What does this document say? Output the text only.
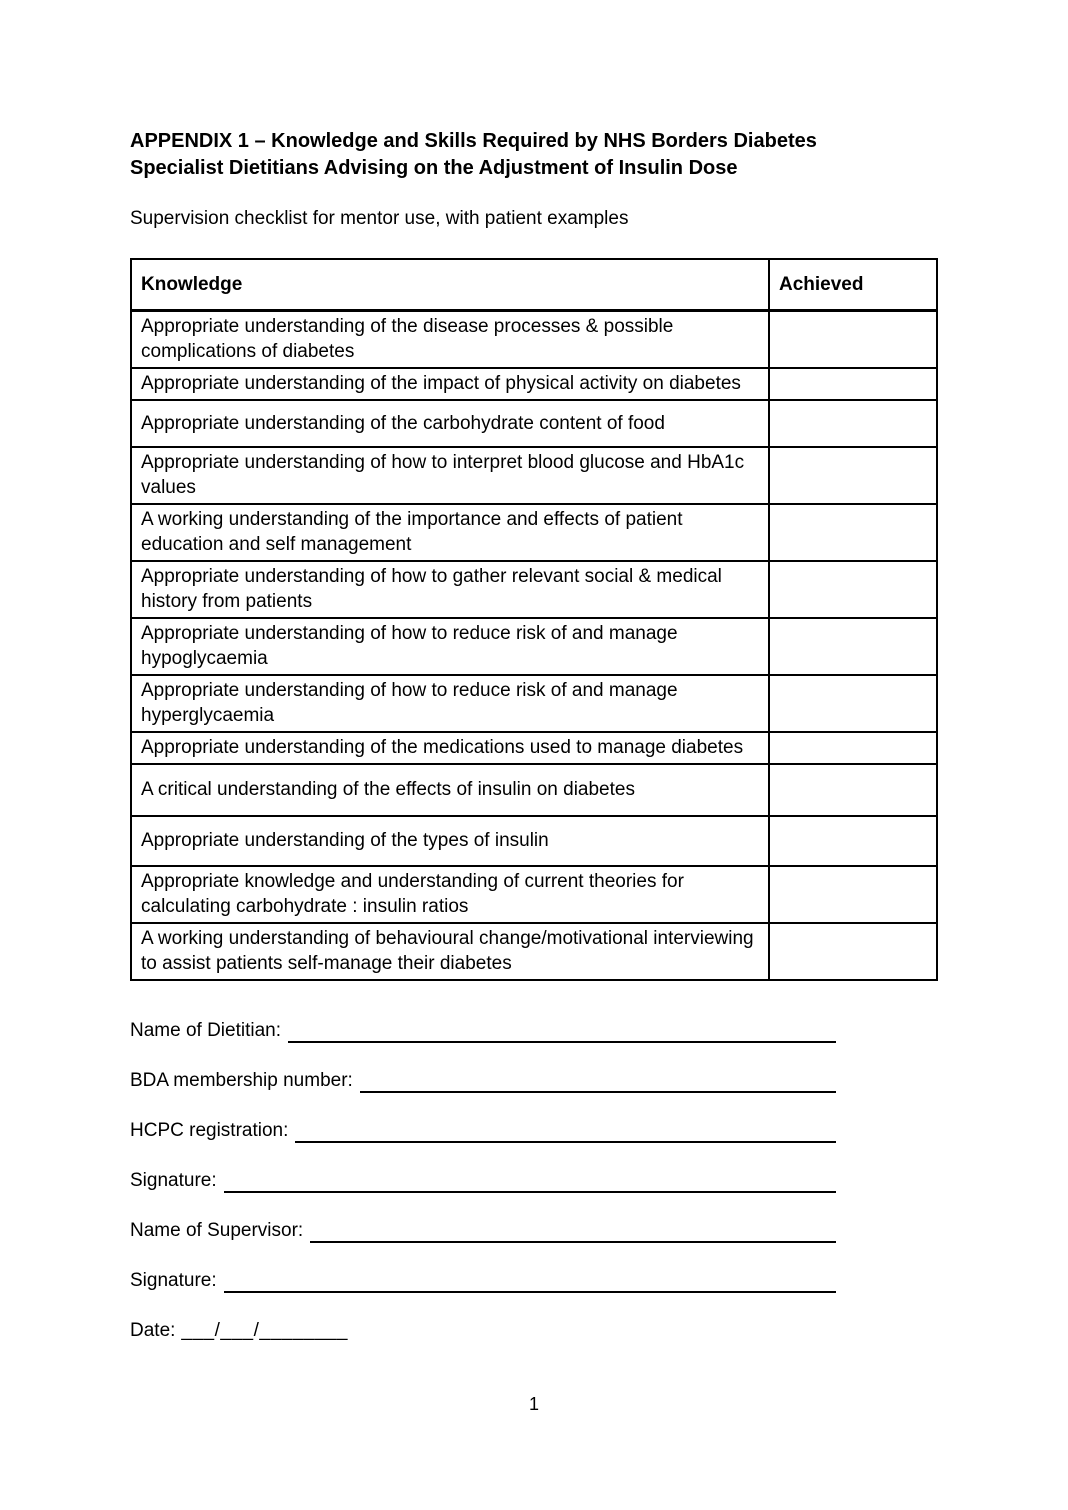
APPENDIX 1 – Knowledge and Skills Required by NHS Borders Diabetes Specialist Dietitians Advising on the Adjustment of Insulin Dose
Supervision checklist for mentor use, with patient examples
Knowledge	Achieved
Appropriate understanding of the disease processes & possible complications of diabetes	
Appropriate understanding of the impact of physical activity on diabetes	
Appropriate understanding of the carbohydrate content of food	
Appropriate understanding of how to interpret blood glucose and HbA1c values	
A working understanding of the importance and effects of patient education and self management	
Appropriate understanding of how to gather relevant social & medical history from patients	
Appropriate understanding of how to reduce risk of and manage hypoglycaemia	
Appropriate understanding of how to reduce risk of and manage hyperglycaemia	
Appropriate understanding of the medications used to manage diabetes	
A critical understanding of the effects of insulin on diabetes	
Appropriate understanding of the types of insulin	
Appropriate knowledge and understanding of current theories for calculating carbohydrate : insulin ratios	
A working understanding of behavioural change/motivational interviewing to assist patients self-manage their diabetes	
Name of Dietitian:
BDA membership number:
HCPC registration:
Signature:
Name of Supervisor:
Signature:
Date: ___/___/________
1
